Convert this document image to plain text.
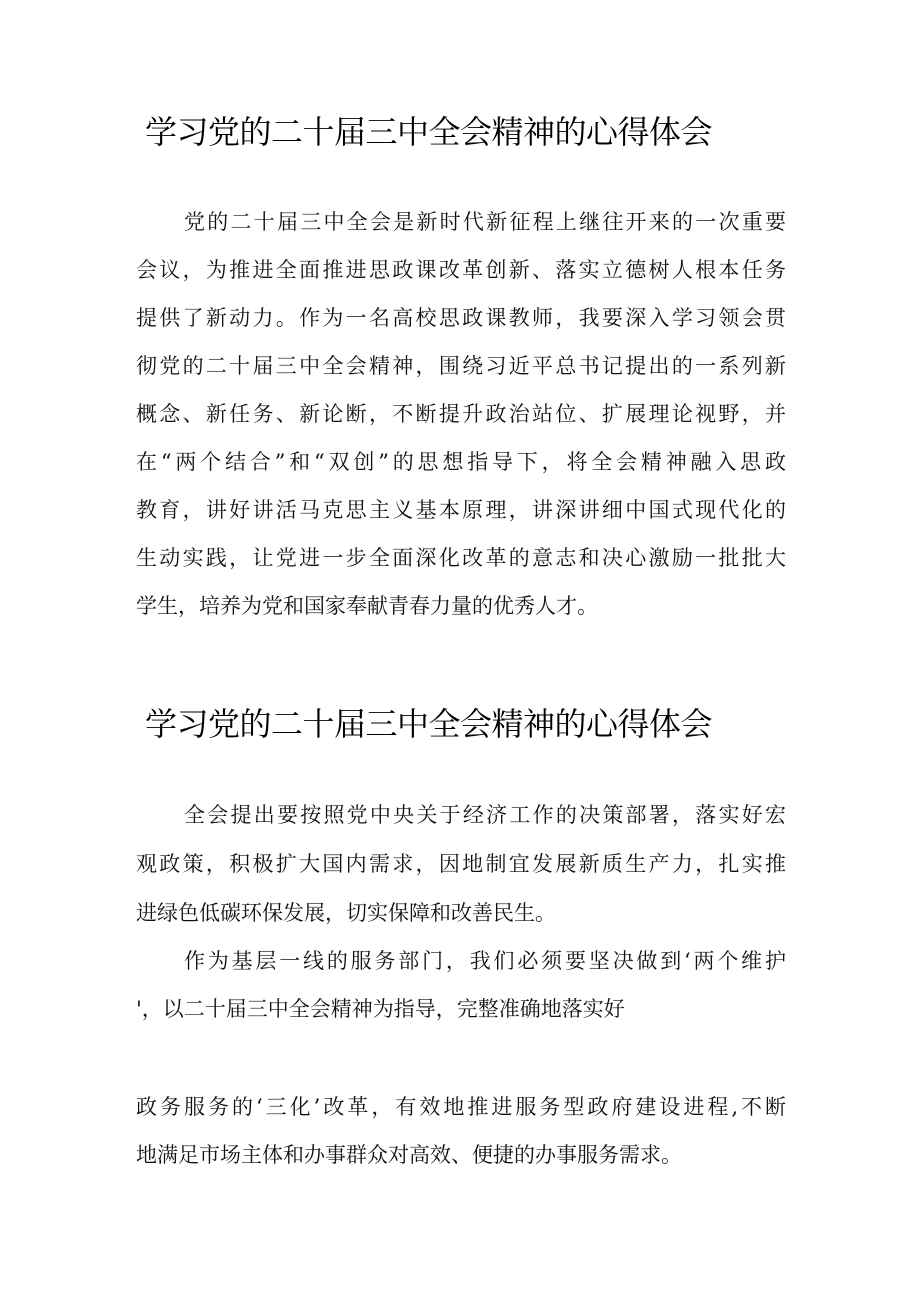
学习党的二十届三中全会精神的心得体会
党的二十届三中全会是新时代新征程上继往开来的一次重要
会议，为推进全面推进思政课改革创新、落实立德树人根本任务
提供了新动力。作为一名高校思政课教师，我要深入学习领会贯
彻党的二十届三中全会精神，围绕习近平总书记提出的一系列新
概念、新任务、新论断，不断提升政治站位、扩展理论视野，并
在“两个结合”和“双创”的思想指导下，将全会精神融入思政
教育，讲好讲活马克思主义基本原理，讲深讲细中国式现代化的
生动实践，让党进一步全面深化改革的意志和决心激励一批批大
学生，培养为党和国家奉献青春力量的优秀人才。
学习党的二十届三中全会精神的心得体会
全会提出要按照党中央关于经济工作的决策部署，落实好宏
观政策，积极扩大国内需求，因地制宜发展新质生产力，扎实推
进绿色低碳环保发展，切实保障和改善民生。
作为基层一线的服务部门，我们必须要坚决做到‘两个维护
'，以二十届三中全会精神为指导，完整准确地落实好
政务服务的‘三化’改革，有效地推进服务型政府建设进程,不断
地满足市场主体和办事群众对高效、便捷的办事服务需求。
